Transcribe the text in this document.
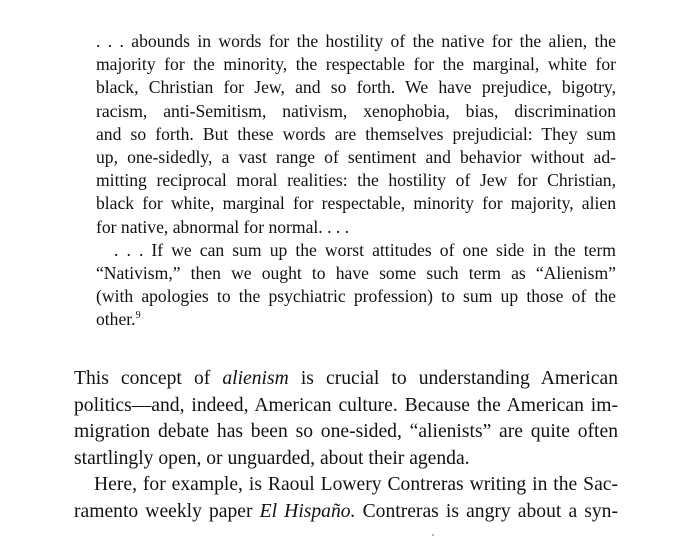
. . . abounds in words for the hostility of the native for the alien, the
majority for the minority, the respectable for the marginal, white for
black, Christian for Jew, and so forth. We have prejudice, bigotry,
racism, anti-Semitism, nativism, xenophobia, bias, discrimination
and so forth. But these words are themselves prejudicial: They sum
up, one-sidedly, a vast range of sentiment and behavior without ad-
mitting reciprocal moral realities: the hostility of Jew for Christian,
black for white, marginal for respectable, minority for majority, alien
for native, abnormal for normal. . . .
. . . If we can sum up the worst attitudes of one side in the term
“Nativism,” then we ought to have some such term as “Alienism”
(with apologies to the psychiatric profession) to sum up those of the
other.$^9$
This concept of alienism is crucial to understanding American
politics—and, indeed, American culture. Because the American im-
migration debate has been so one-sided, “alienists” are quite often
startlingly open, or unguarded, about their agenda.
Here, for example, is Raoul Lowery Contreras writing in the Sac-
ramento weekly paper El Hispaño. Contreras is angry about a syn-
